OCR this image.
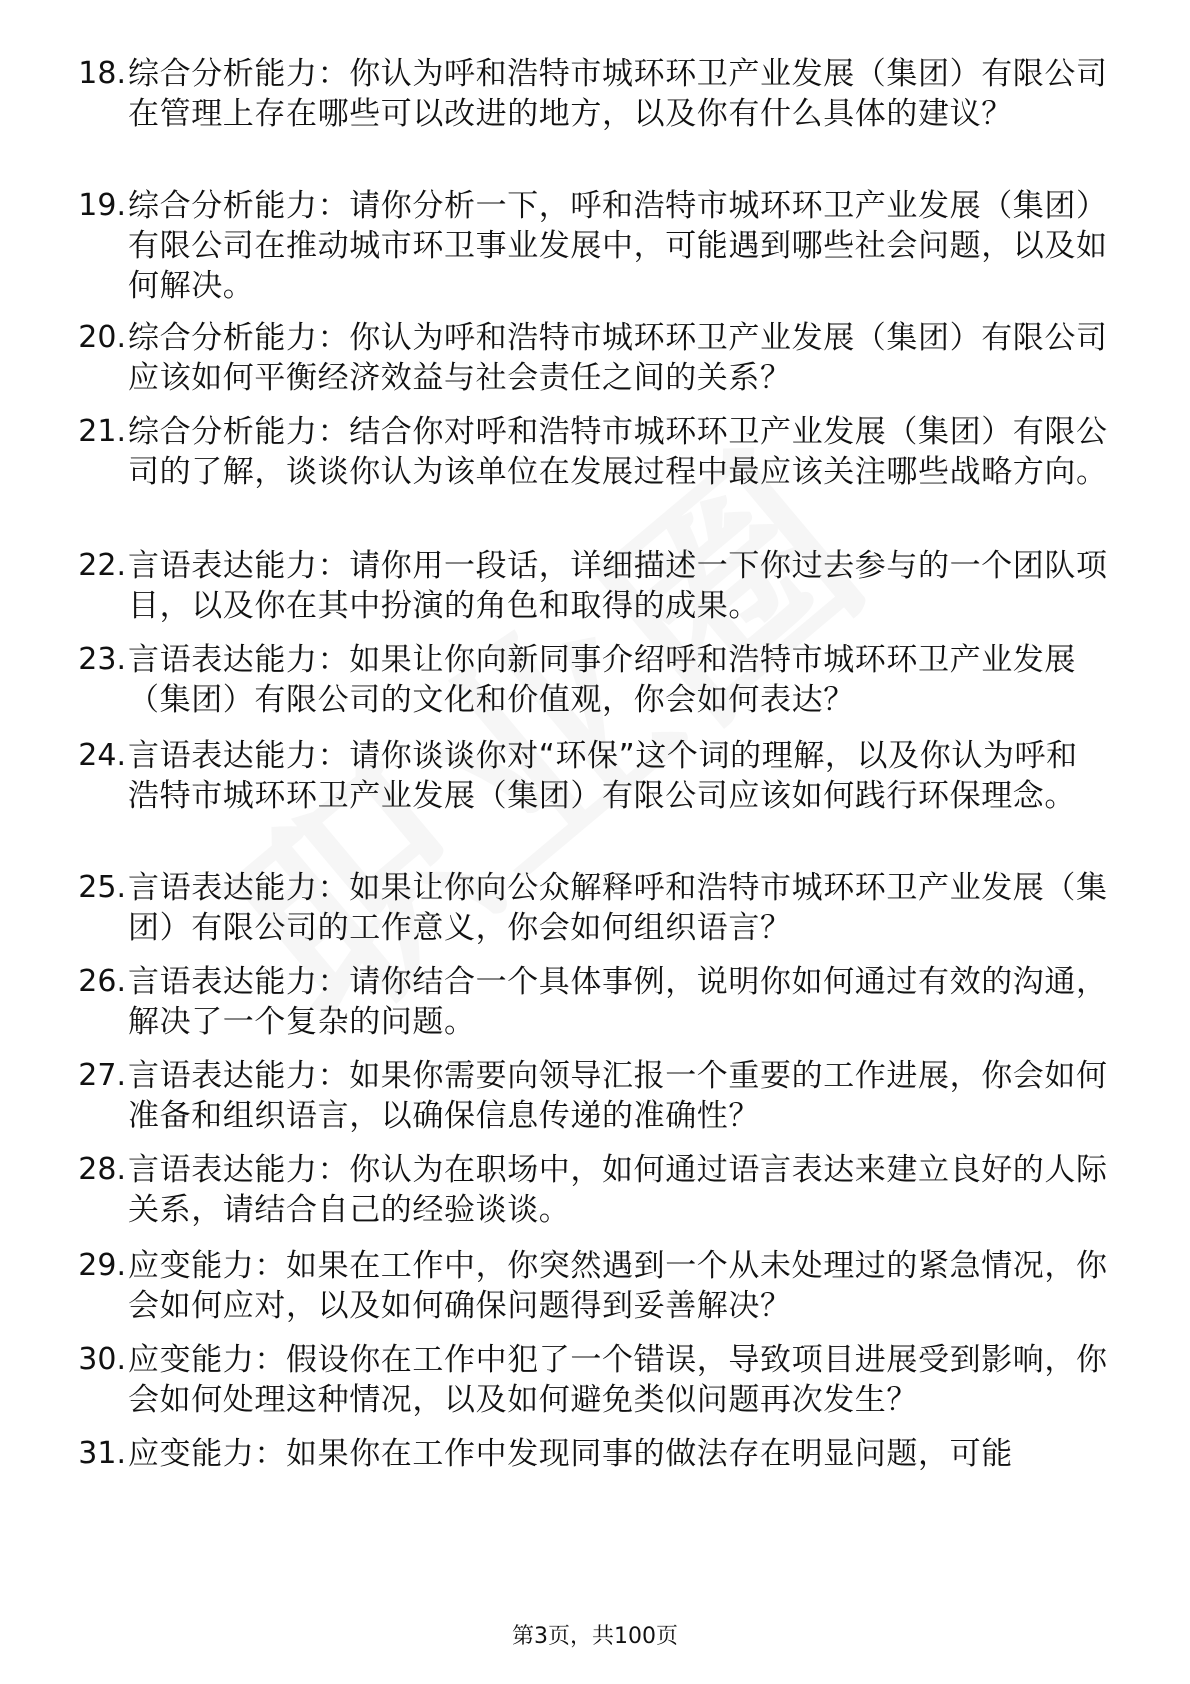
18. 综合分析能力：你认为呼和浩特市城环环卫产业发展（集团）有限公司在管理上存在哪些可以改进的地方，以及你有什么具体的建议？
19. 综合分析能力：请你分析一下，呼和浩特市城环环卫产业发展（集团）有限公司在推动城市环卫事业发展中，可能遇到哪些社会问题，以及如何解决。
20. 综合分析能力：你认为呼和浩特市城环环卫产业发展（集团）有限公司应该如何平衡经济效益与社会责任之间的关系？
21. 综合分析能力：结合你对呼和浩特市城环环卫产业发展（集团）有限公司的了解，谈谈你认为该单位在发展过程中最应该关注哪些战略方向。
22. 言语表达能力：请你用一段话，详细描述一下你过去参与的一个团队项目，以及你在其中扮演的角色和取得的成果。
23. 言语表达能力：如果让你向新同事介绍呼和浩特市城环环卫产业发展（集团）有限公司的文化和价值观，你会如何表达？
24. 言语表达能力：请你谈谈你对“环保”这个词的理解，以及你认为呼和浩特市城环环卫产业发展（集团）有限公司应该如何践行环保理念。
25. 言语表达能力：如果让你向公众解释呼和浩特市城环环卫产业发展（集团）有限公司的工作意义，你会如何组织语言？
26. 言语表达能力：请你结合一个具体事例，说明你如何通过有效的沟通，解决了一个复杂的问题。
27. 言语表达能力：如果你需要向领导汇报一个重要的工作进展，你会如何准备和组织语言，以确保信息传递的准确性？
28. 言语表达能力：你认为在职场中，如何通过语言表达来建立良好的人际关系，请结合自己的经验谈谈。
29. 应变能力：如果在工作中，你突然遇到一个从未处理过的紧急情况，你会如何应对，以及如何确保问题得到妥善解决？
30. 应变能力：假设你在工作中犯了一个错误，导致项目进展受到影响，你会如何处理这种情况，以及如何避免类似问题再次发生？
31. 应变能力：如果你在工作中发现同事的做法存在明显问题，可能
第3页，共100页
